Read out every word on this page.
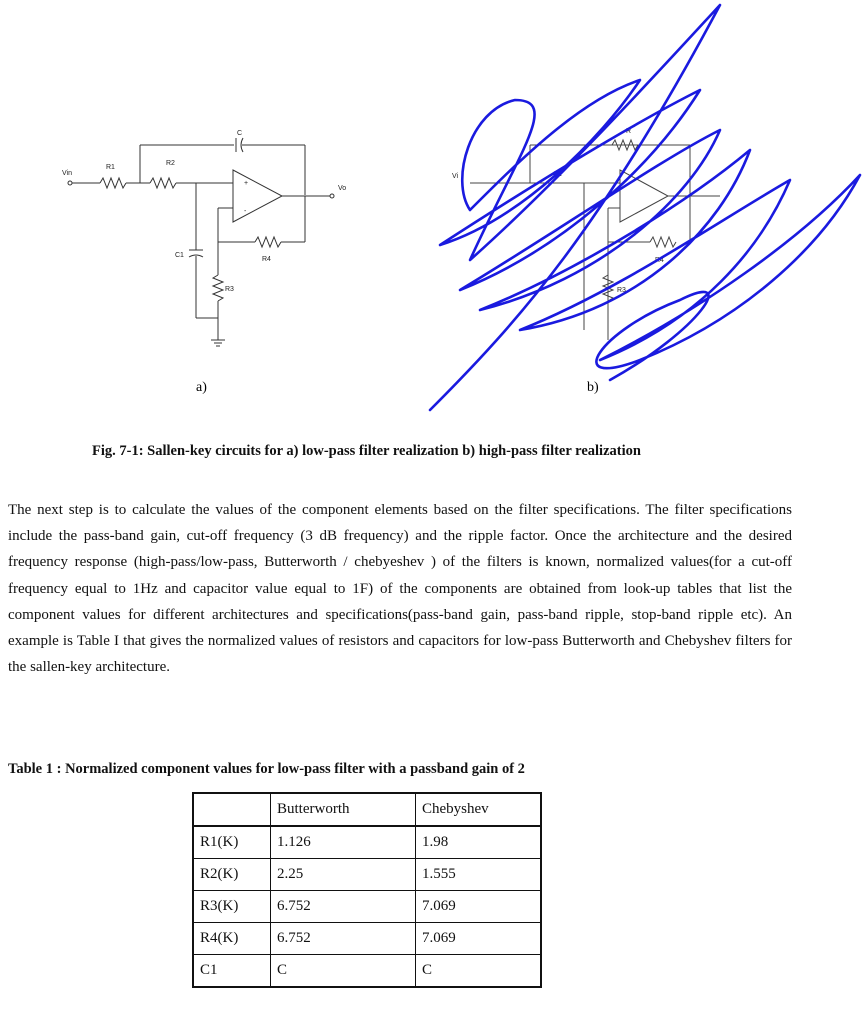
+
-
Vin
R1
R2
C
C1
R3
R4
Vo
a)
Vi	C1
R3
R4
R
b)
Fig. 7-1: Sallen-key circuits for a) low-pass filter realization b) high-pass filter realization
The next step is to calculate the values of the component elements based on the filter specifications. The filter specifications include the pass-band gain, cut-off frequency (3 dB frequency) and the ripple factor. Once the architecture and the desired frequency response (high-pass/low-pass, Butterworth / chebyeshev ) of the filters is known, normalized values(for a cut-off frequency equal to 1Hz and capacitor value equal to 1F) of the components are obtained from look-up tables that list the component values for different architectures and specifications(pass-band gain, pass-band ripple, stop-band ripple etc). An example is Table I that gives the normalized values of resistors and capacitors for low-pass Butterworth and Chebyshev filters for the sallen-key architecture.
Table 1 : Normalized component values for low-pass filter with a passband gain of 2
	Butterworth	Chebyshev
R1(K)	1.126	1.98
R2(K)	2.25	1.555
R3(K)	6.752	7.069
R4(K)	6.752	7.069
C1	C	C
